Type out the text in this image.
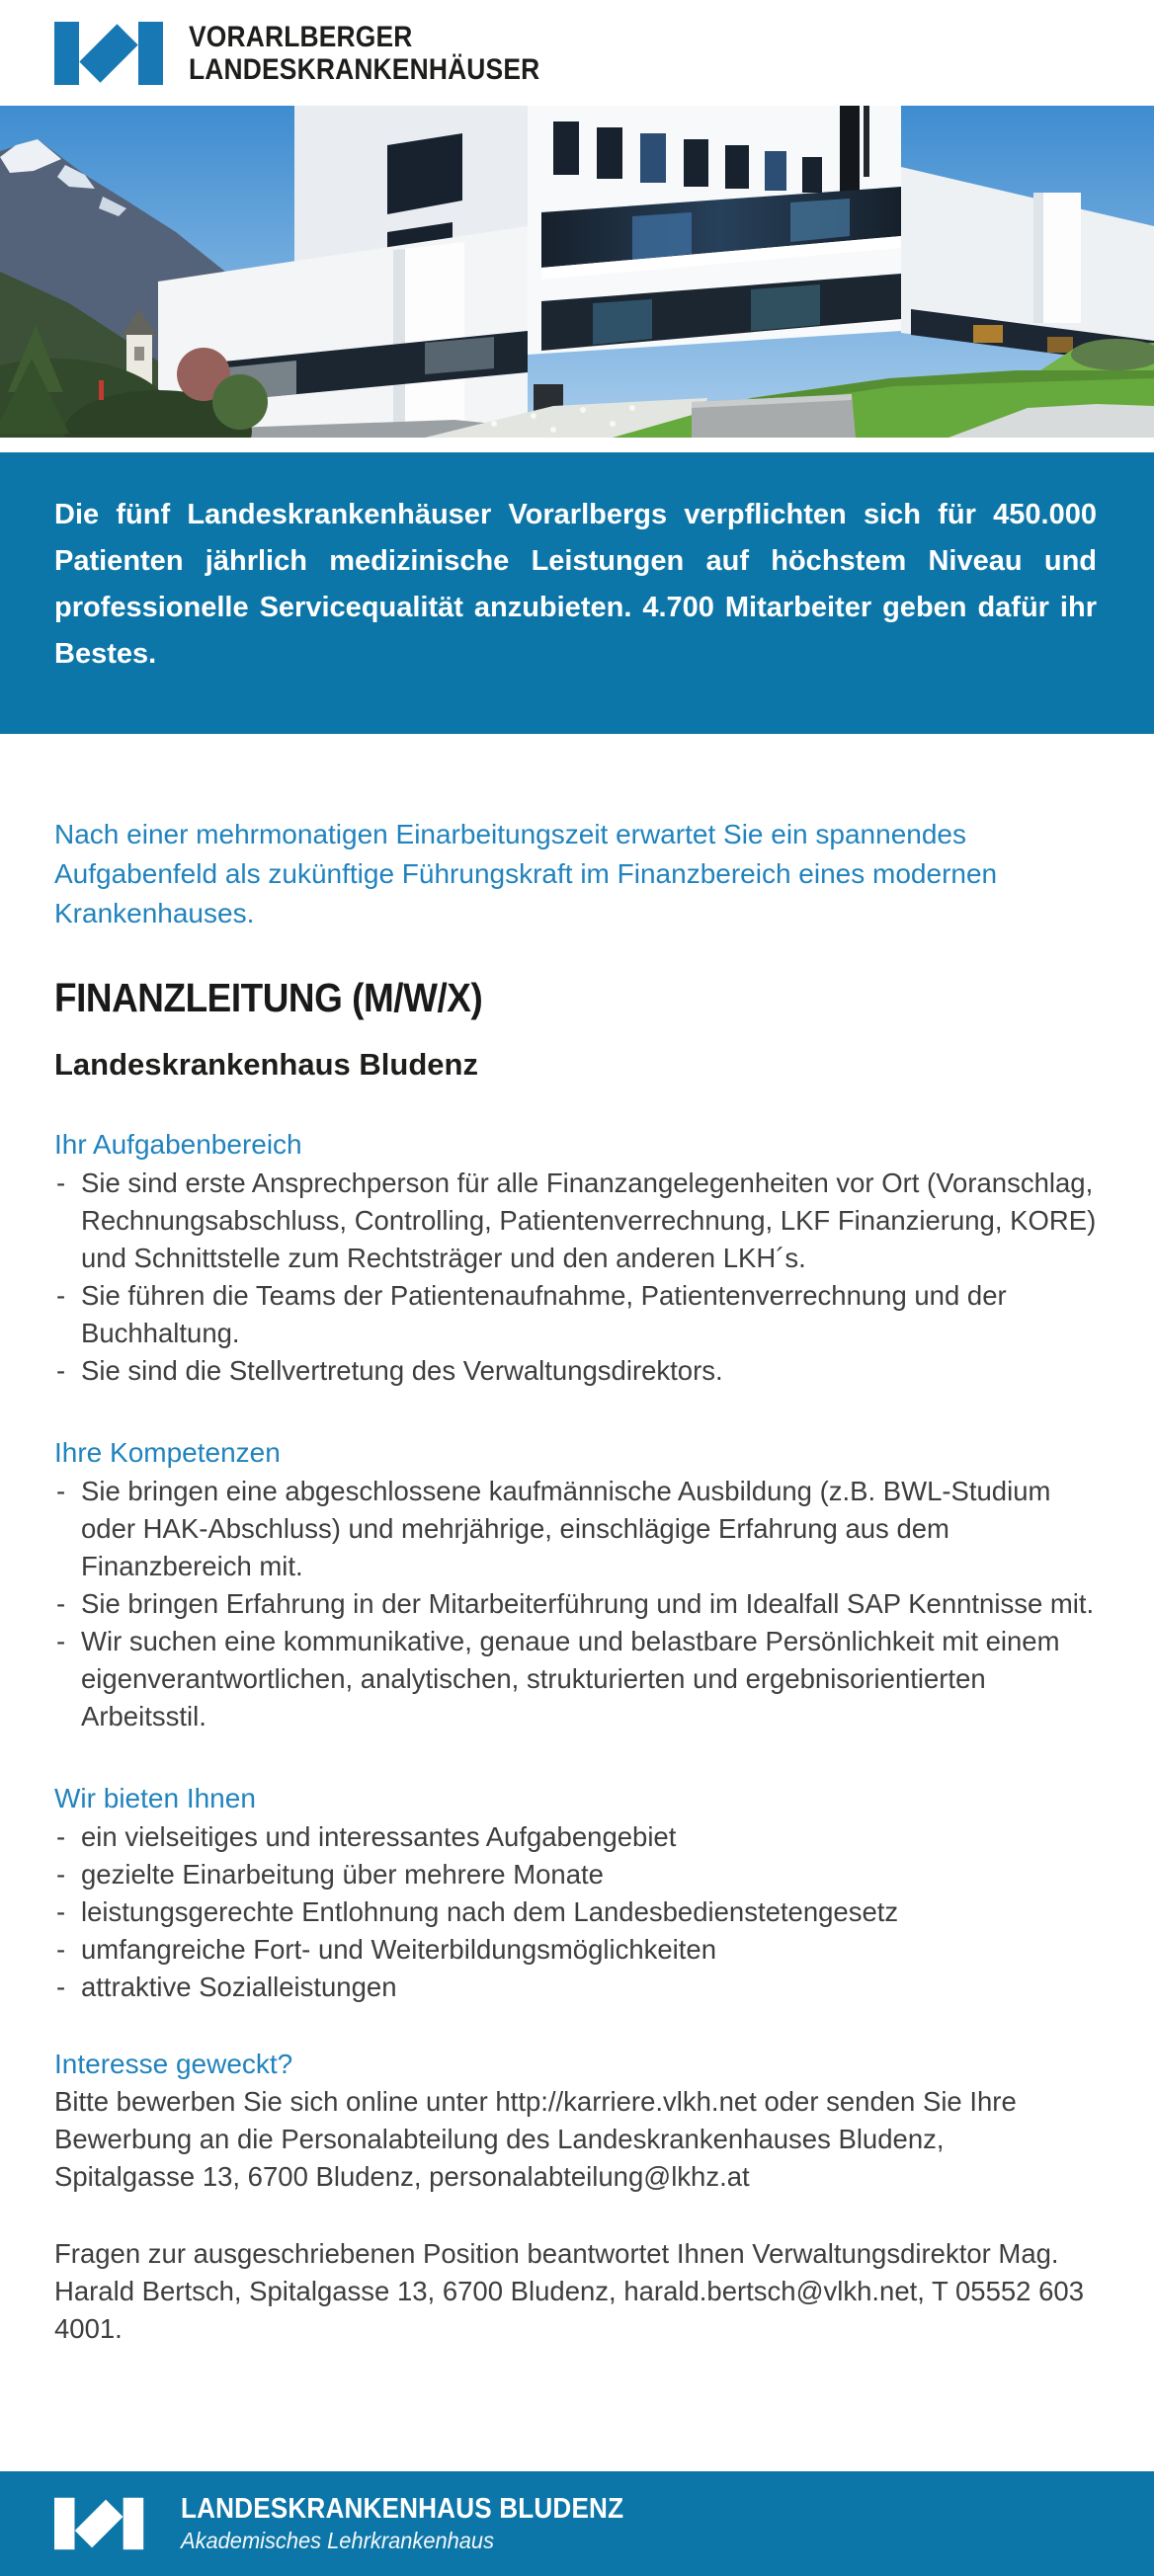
VORARLBERGER
LANDESKRANKENHÄUSER
Die fünf Landeskrankenhäuser Vorarlbergs verpflichten sich für 450.000 Patienten jährlich medizinische Leistungen auf höchstem Niveau und professionelle Servicequalität anzubieten. 4.700 Mitarbeiter geben dafür ihr Bestes.

Nach einer mehrmonatigen Einarbeitungszeit erwartet Sie ein spannendes Aufgabenfeld als zukünftige Führungskraft im Finanzbereich eines modernen Krankenhauses.

FINANZLEITUNG (M/W/X)
Landeskrankenhaus Bludenz
Ihr Aufgabenbereich
- Sie sind erste Ansprechperson für alle Finanzangelegenheiten vor Ort (Voranschlag, Rechnungsabschluss, Controlling, Patientenverrechnung, LKF Finanzierung, KORE) und Schnittstelle zum Rechtsträger und den anderen LKH´s.
- Sie führen die Teams der Patientenaufnahme, Patientenverrechnung und der Buchhaltung.
- Sie sind die Stellvertretung des Verwaltungsdirektors.
Ihre Kompetenzen
- Sie bringen eine abgeschlossene kaufmännische Ausbildung (z.B. BWL-Studium oder HAK-Abschluss) und mehrjährige, einschlägige Erfahrung aus dem Finanzbereich mit.
- Sie bringen Erfahrung in der Mitarbeiterführung und im Idealfall SAP Kenntnisse mit.
- Wir suchen eine kommunikative, genaue und belastbare Persönlichkeit mit einem eigenverantwortlichen, analytischen, strukturierten und ergebnisorientierten Arbeitsstil.
Wir bieten Ihnen
- ein vielseitiges und interessantes Aufgabengebiet
- gezielte Einarbeitung über mehrere Monate
- leistungsgerechte Entlohnung nach dem Landesbedienstetengesetz
- umfangreiche Fort- und Weiterbildungsmöglichkeiten
- attraktive Sozialleistungen
Interesse geweckt?

Bitte bewerben Sie sich online unter http://karriere.vlkh.net oder senden Sie Ihre Bewerbung an die Personalabteilung des Landeskrankenhauses Bludenz, Spitalgasse 13, 6700 Bludenz, personalabteilung@lkhz.at

Fragen zur ausgeschriebenen Position beantwortet Ihnen Verwaltungsdirektor Mag. Harald Bertsch, Spitalgasse 13, 6700 Bludenz, harald.bertsch@vlkh.net, T 05552 603 4001.

LANDESKRANKENHAUS BLUDENZ
Akademisches Lehrkrankenhaus
